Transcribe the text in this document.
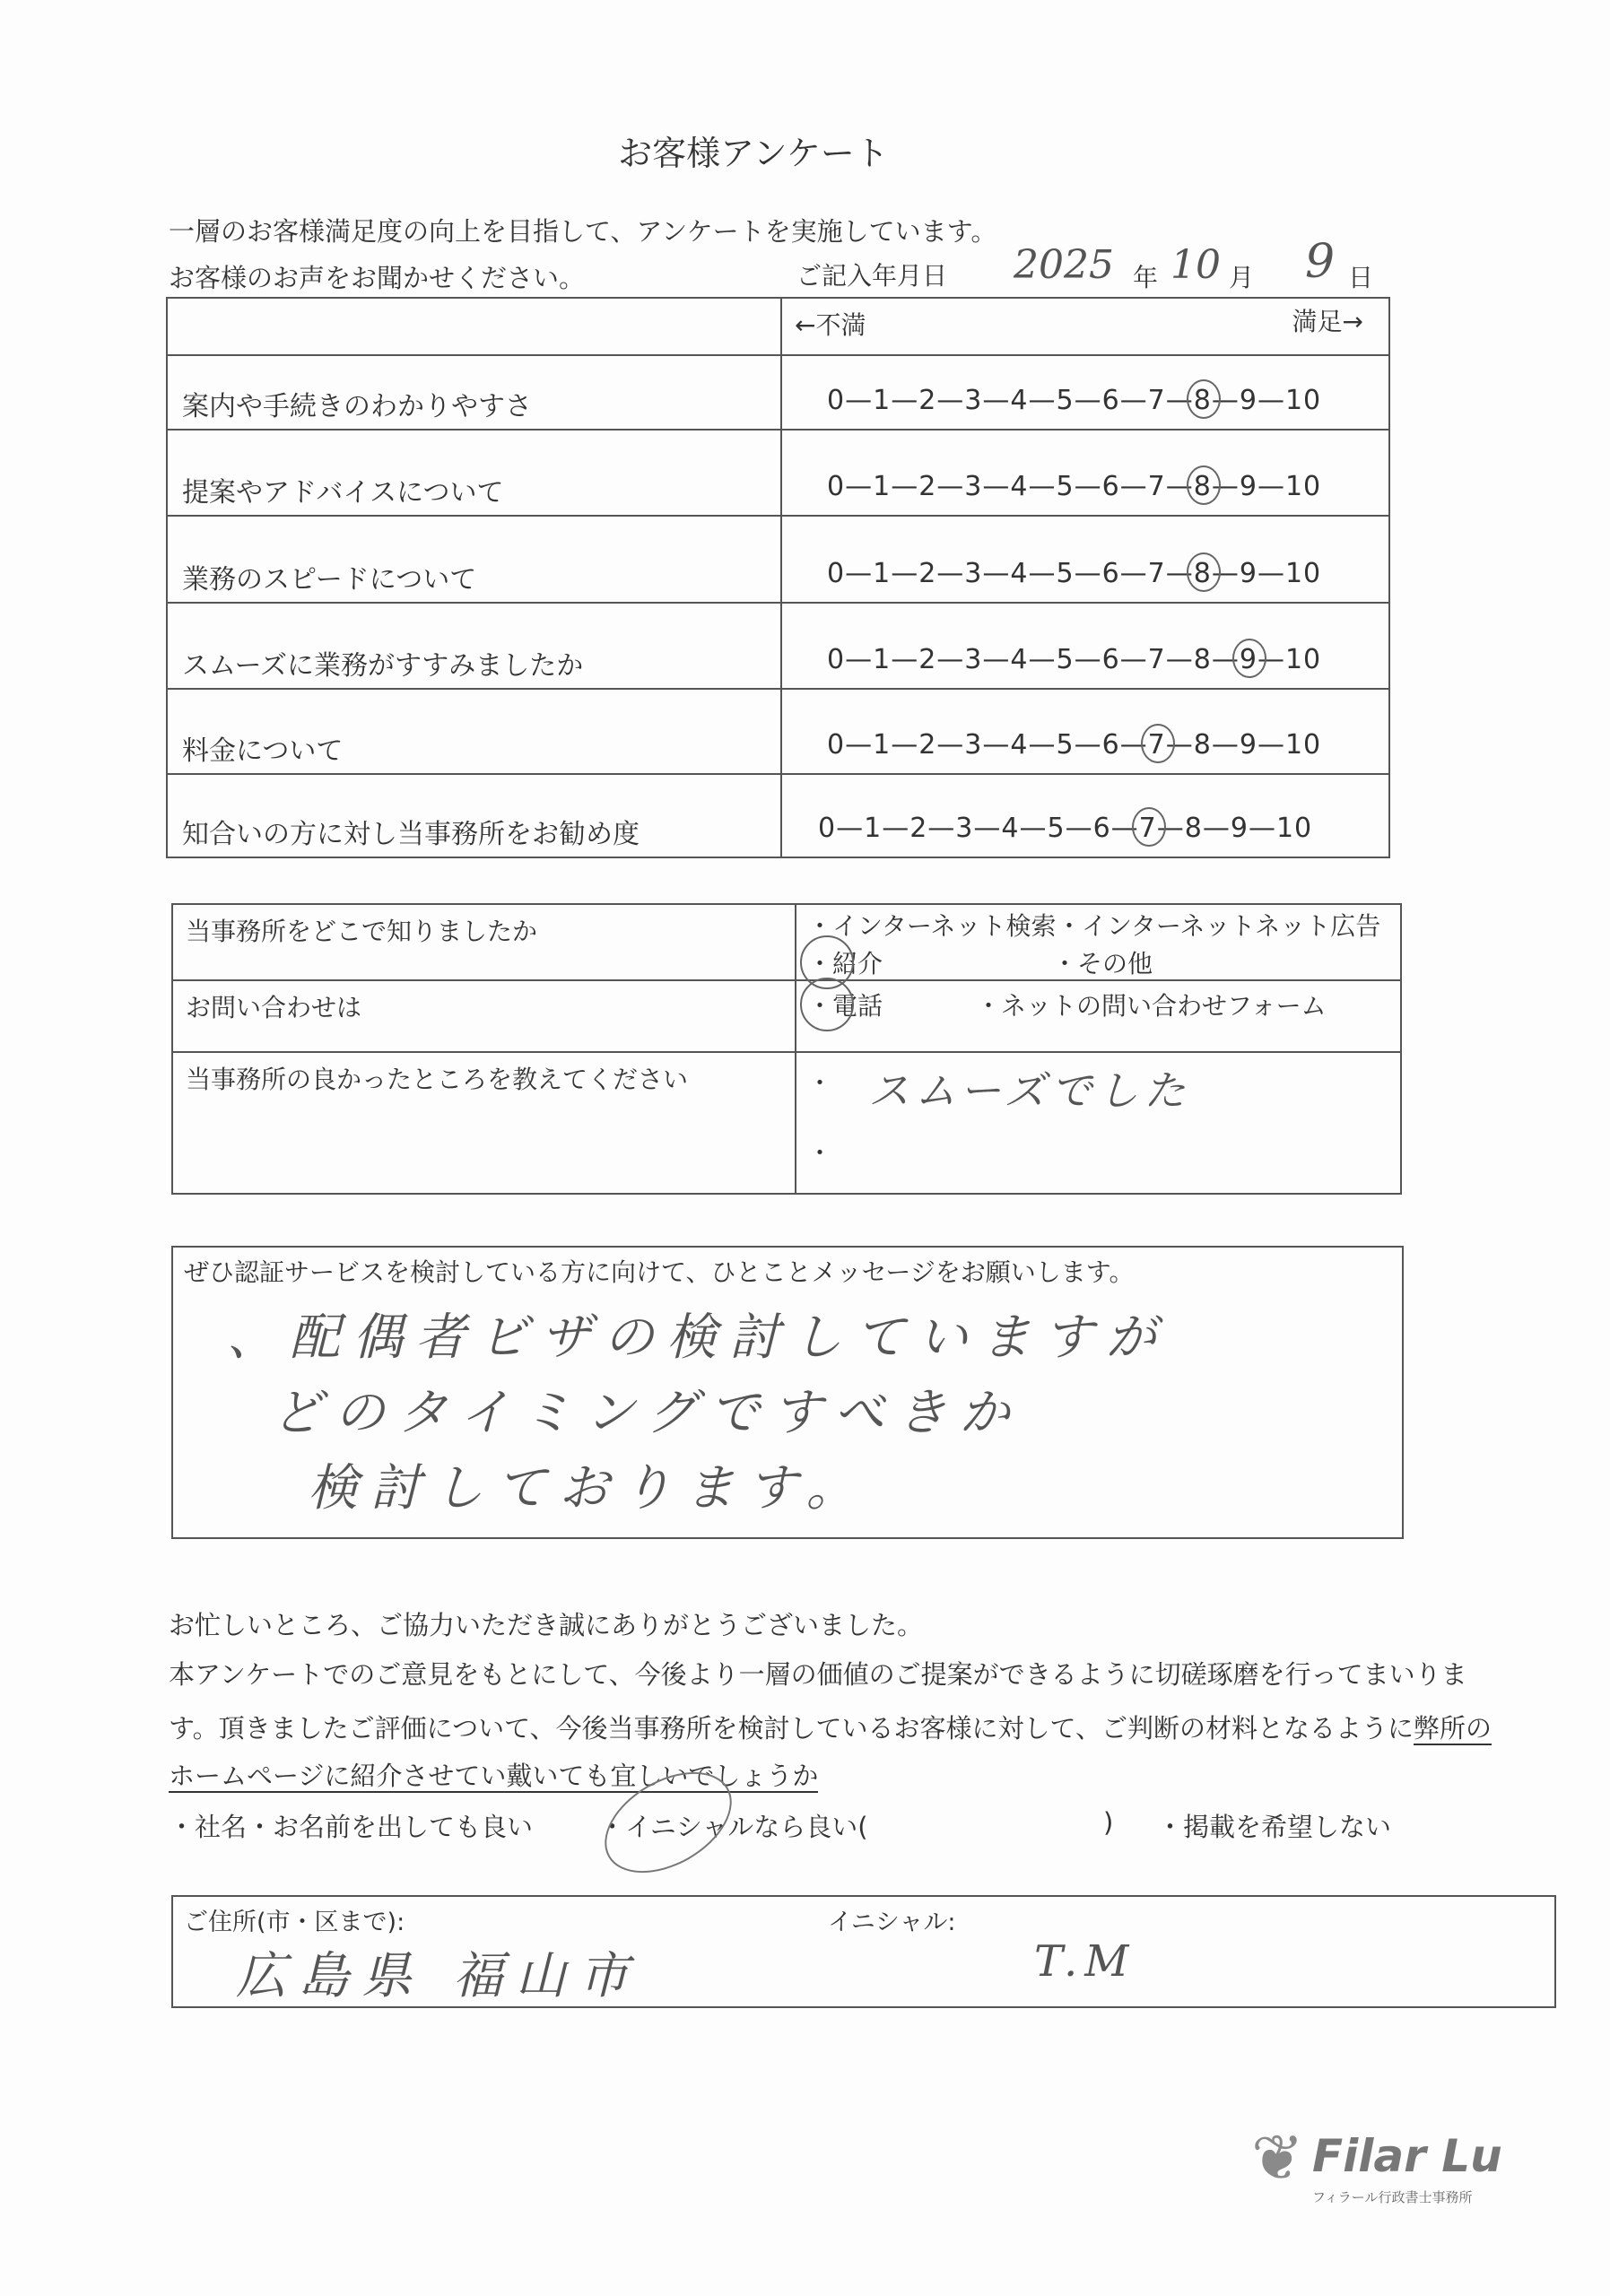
お客様アンケート
一層のお客様満足度の向上を目指して、アンケートを実施しています。
お客様のお声をお聞かせください。	ご記入年月日 2025 年 10 月 9 日

	←不満 満足→

案内や手続きのわかりやすさ	0—1—2—3—4—5—6—7—8—9—10

提案やアドバイスについて	0—1—2—3—4—5—6—7—8—9—10

業務のスピードについて	0—1—2—3—4—5—6—7—8—9—10

スムーズに業務がすすみましたか	0—1—2—3—4—5—6—7—8—9—10

料金について	0—1—2—3—4—5—6—7—8—9—10

知合いの方に対し当事務所をお勧め度	0—1—2—3—4—5—6—7—8—9—10
当事務所をどこで知りましたか	・インターネット検索 ・インターネットネット広告
・紹介 ・その他

お問い合わせは	・電話 ・ネットの問い合わせフォーム

当事務所の良かったところを教えてください	・ スムーズでした
・
ぜひ認証サービスを検討している方に向けて、ひとことメッセージをお願いします。
、配偶者ビザの検討していますが
どのタイミングですべきか
検討しております。
お忙しいところ、ご協力いただき誠にありがとうございました。
本アンケートでのご意見をもとにして、今後より一層の価値のご提案ができるように切磋琢磨を行ってまいりま
す。頂きましたご評価について、今後当事務所を検討しているお客様に対して、ご判断の材料となるように弊所の
ホームページに紹介させてい戴いても宜しいでしょうか
・社名・お名前を出しても良い	・イニシャルなら良い(	) ・掲載を希望しない
ご住所(市・区まで):	イニシャル:
広島県 福山市	T.M
❦ Filar Lu
フィラール行政書士事務所
